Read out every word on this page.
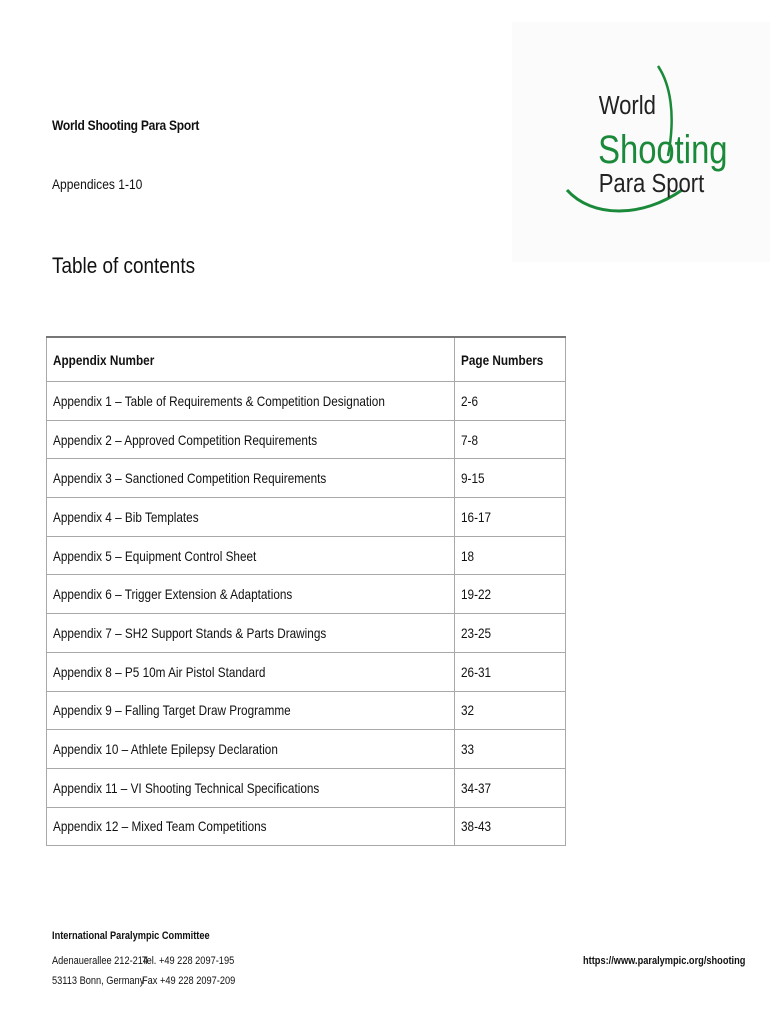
World
Shooting
Para Sport
World Shooting Para Sport
Appendices 1-10
Table of contents
Appendix Number	Page Numbers
Appendix 1 – Table of Requirements & Competition Designation	2-6
Appendix 2 – Approved Competition Requirements	7-8
Appendix 3 – Sanctioned Competition Requirements	9-15
Appendix 4 – Bib Templates	16-17
Appendix 5 – Equipment Control Sheet	18
Appendix 6 – Trigger Extension & Adaptations	19-22
Appendix 7 – SH2 Support Stands & Parts Drawings	23-25
Appendix 8 – P5 10m Air Pistol Standard	26-31
Appendix 9 – Falling Target Draw Programme	32
Appendix 10 – Athlete Epilepsy Declaration	33
Appendix 11 – VI Shooting Technical Specifications	34-37
Appendix 12 – Mixed Team Competitions	38-43
International Paralympic Committee
Adenauerallee 212-214
53113 Bonn, Germany
Tel. +49 228 2097-195
Fax +49 228 2097-209
https://www.paralympic.org/shooting
